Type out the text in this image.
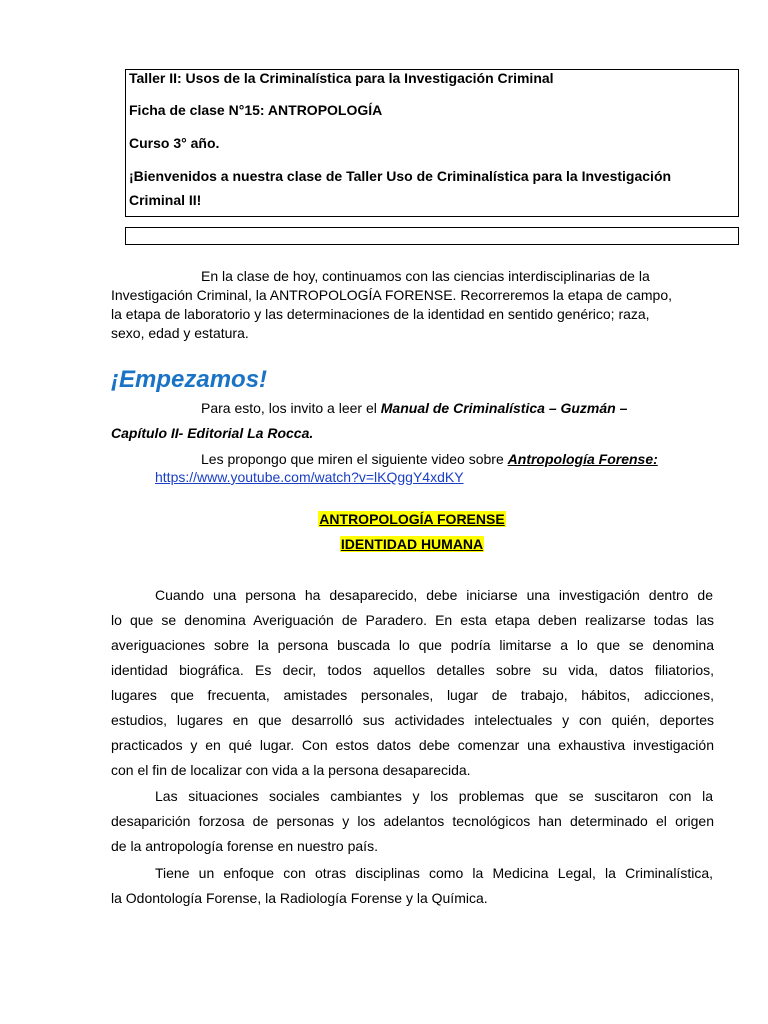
Taller II: Usos de la Criminalística para la Investigación Criminal
Ficha de clase N°15: ANTROPOLOGÍA
Curso 3° año.
¡Bienvenidos a nuestra clase de Taller Uso de Criminalística para la Investigación
Criminal II!
En la clase de hoy, continuamos con las ciencias interdisciplinarias de la
Investigación Criminal, la ANTROPOLOGÍA FORENSE. Recorreremos la etapa de campo,
la etapa de laboratorio y las determinaciones de la identidad en sentido genérico; raza,
sexo, edad y estatura.
¡Empezamos!
Para esto, los invito a leer el Manual de Criminalística – Guzmán –
Capítulo II- Editorial La Rocca.
Les propongo que miren el siguiente video sobre Antropología Forense:
https://www.youtube.com/watch?v=lKQggY4xdKY
ANTROPOLOGÍA FORENSE
IDENTIDAD HUMANA
Cuando una persona ha desaparecido, debe iniciarse una investigación dentro de
lo que se denomina Averiguación de Paradero. En esta etapa deben realizarse todas las
averiguaciones sobre la persona buscada lo que podría limitarse a lo que se denomina
identidad biográfica. Es decir, todos aquellos detalles sobre su vida, datos filiatorios,
lugares que frecuenta, amistades personales, lugar de trabajo, hábitos, adicciones,
estudios, lugares en que desarrolló sus actividades intelectuales y con quién, deportes
practicados y en qué lugar. Con estos datos debe comenzar una exhaustiva investigación
con el fin de localizar con vida a la persona desaparecida.
Las situaciones sociales cambiantes y los problemas que se suscitaron con la
desaparición forzosa de personas y los adelantos tecnológicos han determinado el origen
de la antropología forense en nuestro país.
Tiene un enfoque con otras disciplinas como la Medicina Legal, la Criminalística,
la Odontología Forense, la Radiología Forense y la Química.
